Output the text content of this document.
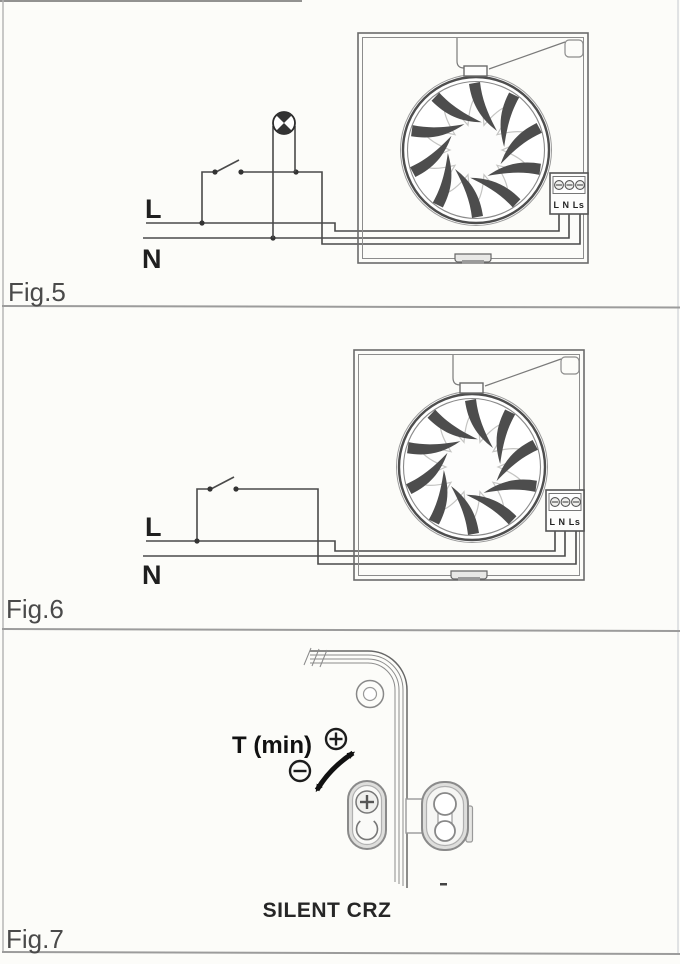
L
N
L N Ls
Fig.5
L
N
L N Ls
Fig.6
T (min)
SILENT CRZ
Fig.7
